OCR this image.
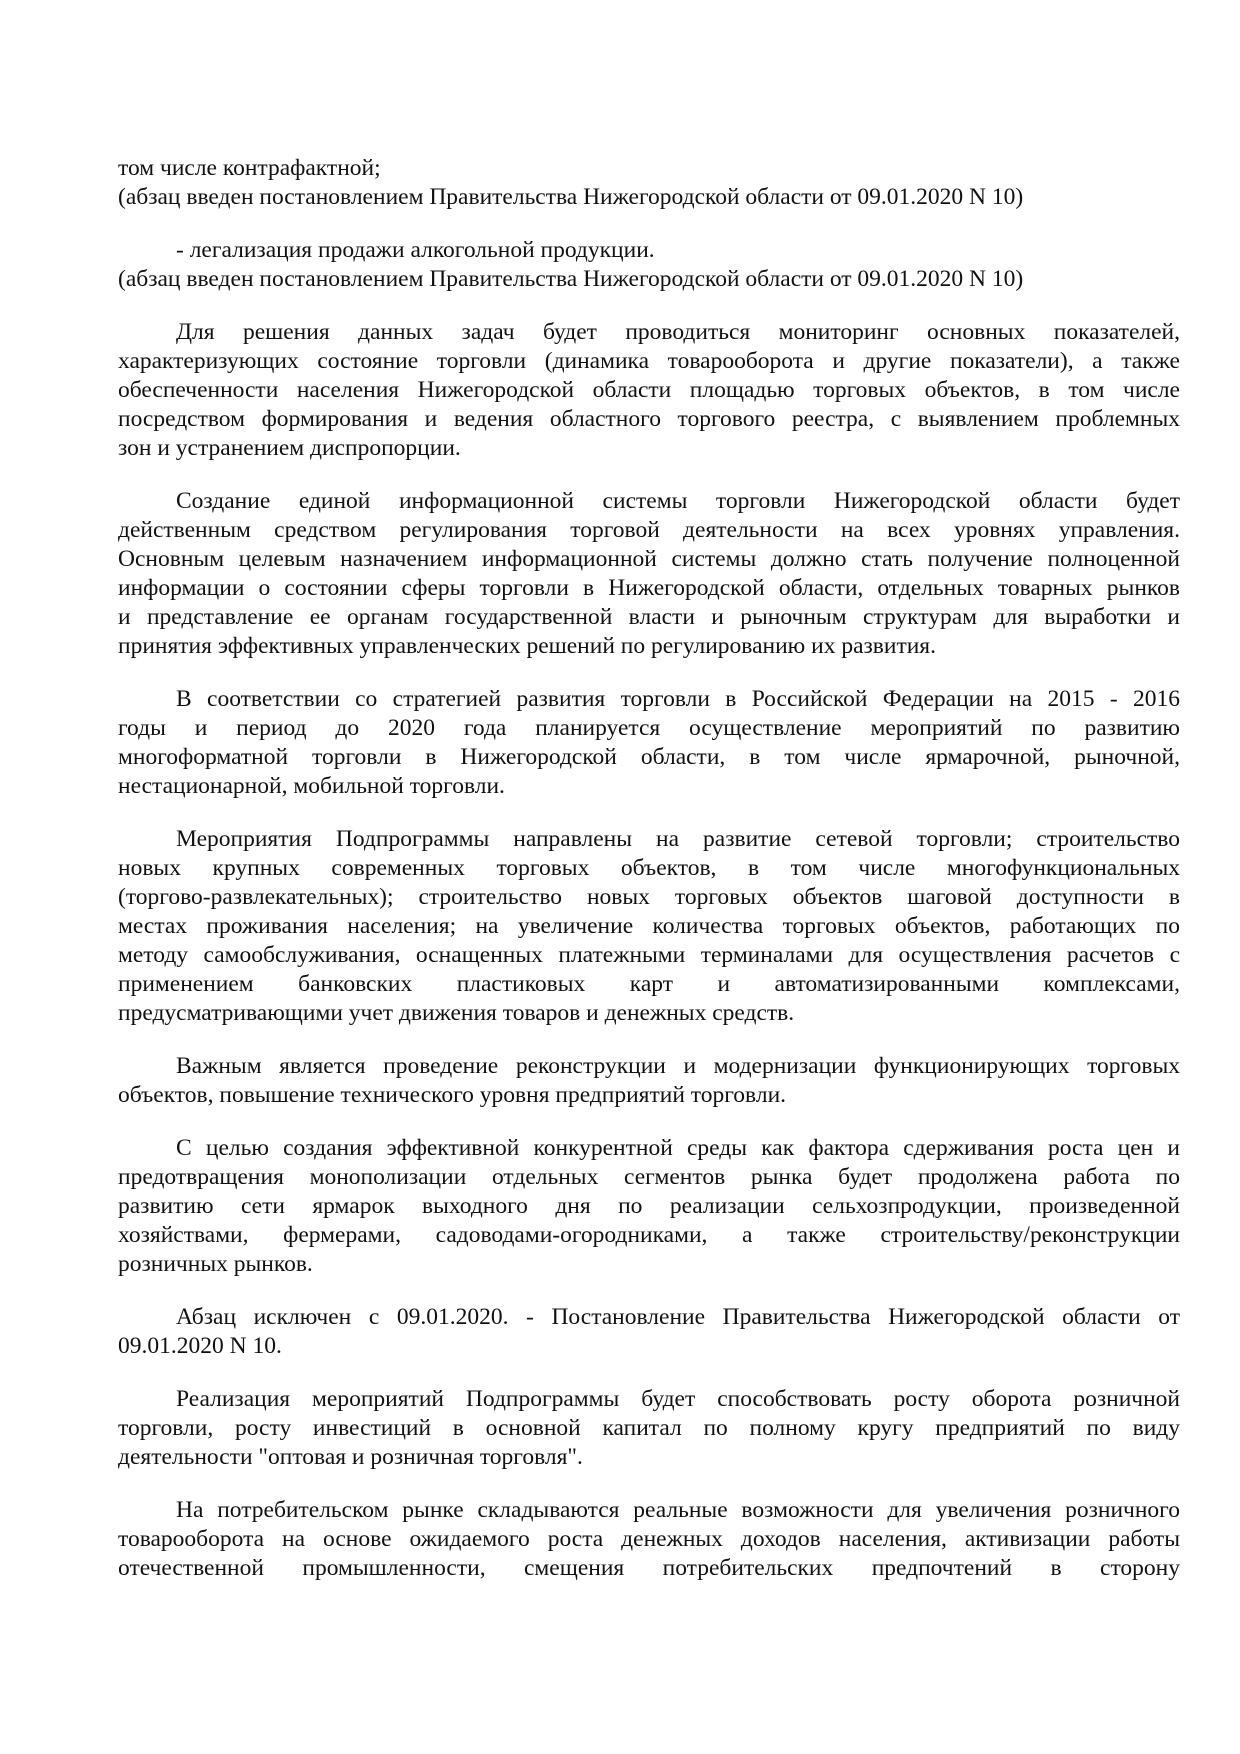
том числе контрафактной;
(абзац введен постановлением Правительства Нижегородской области от 09.01.2020 N 10)
- легализация продажи алкогольной продукции.
(абзац введен постановлением Правительства Нижегородской области от 09.01.2020 N 10)
Для решения данных задач будет проводиться мониторинг основных показателей,
характеризующих состояние торговли (динамика товарооборота и другие показатели), а также
обеспеченности населения Нижегородской области площадью торговых объектов, в том числе
посредством формирования и ведения областного торгового реестра, с выявлением проблемных
зон и устранением диспропорции.
Создание единой информационной системы торговли Нижегородской области будет
действенным средством регулирования торговой деятельности на всех уровнях управления.
Основным целевым назначением информационной системы должно стать получение полноценной
информации о состоянии сферы торговли в Нижегородской области, отдельных товарных рынков
и представление ее органам государственной власти и рыночным структурам для выработки и
принятия эффективных управленческих решений по регулированию их развития.
В соответствии со стратегией развития торговли в Российской Федерации на 2015 - 2016
годы и период до 2020 года планируется осуществление мероприятий по развитию
многоформатной торговли в Нижегородской области, в том числе ярмарочной, рыночной,
нестационарной, мобильной торговли.
Мероприятия Подпрограммы направлены на развитие сетевой торговли; строительство
новых крупных современных торговых объектов, в том числе многофункциональных
(торгово-развлекательных); строительство новых торговых объектов шаговой доступности в
местах проживания населения; на увеличение количества торговых объектов, работающих по
методу самообслуживания, оснащенных платежными терминалами для осуществления расчетов с
применением банковских пластиковых карт и автоматизированными комплексами,
предусматривающими учет движения товаров и денежных средств.
Важным является проведение реконструкции и модернизации функционирующих торговых
объектов, повышение технического уровня предприятий торговли.
С целью создания эффективной конкурентной среды как фактора сдерживания роста цен и
предотвращения монополизации отдельных сегментов рынка будет продолжена работа по
развитию сети ярмарок выходного дня по реализации сельхозпродукции, произведенной
хозяйствами, фермерами, садоводами-огородниками, а также строительству/реконструкции
розничных рынков.
Абзац исключен с 09.01.2020. - Постановление Правительства Нижегородской области от
09.01.2020 N 10.
Реализация мероприятий Подпрограммы будет способствовать росту оборота розничной
торговли, росту инвестиций в основной капитал по полному кругу предприятий по виду
деятельности "оптовая и розничная торговля".
На потребительском рынке складываются реальные возможности для увеличения розничного
товарооборота на основе ожидаемого роста денежных доходов населения, активизации работы
отечественной промышленности, смещения потребительских предпочтений в сторону
